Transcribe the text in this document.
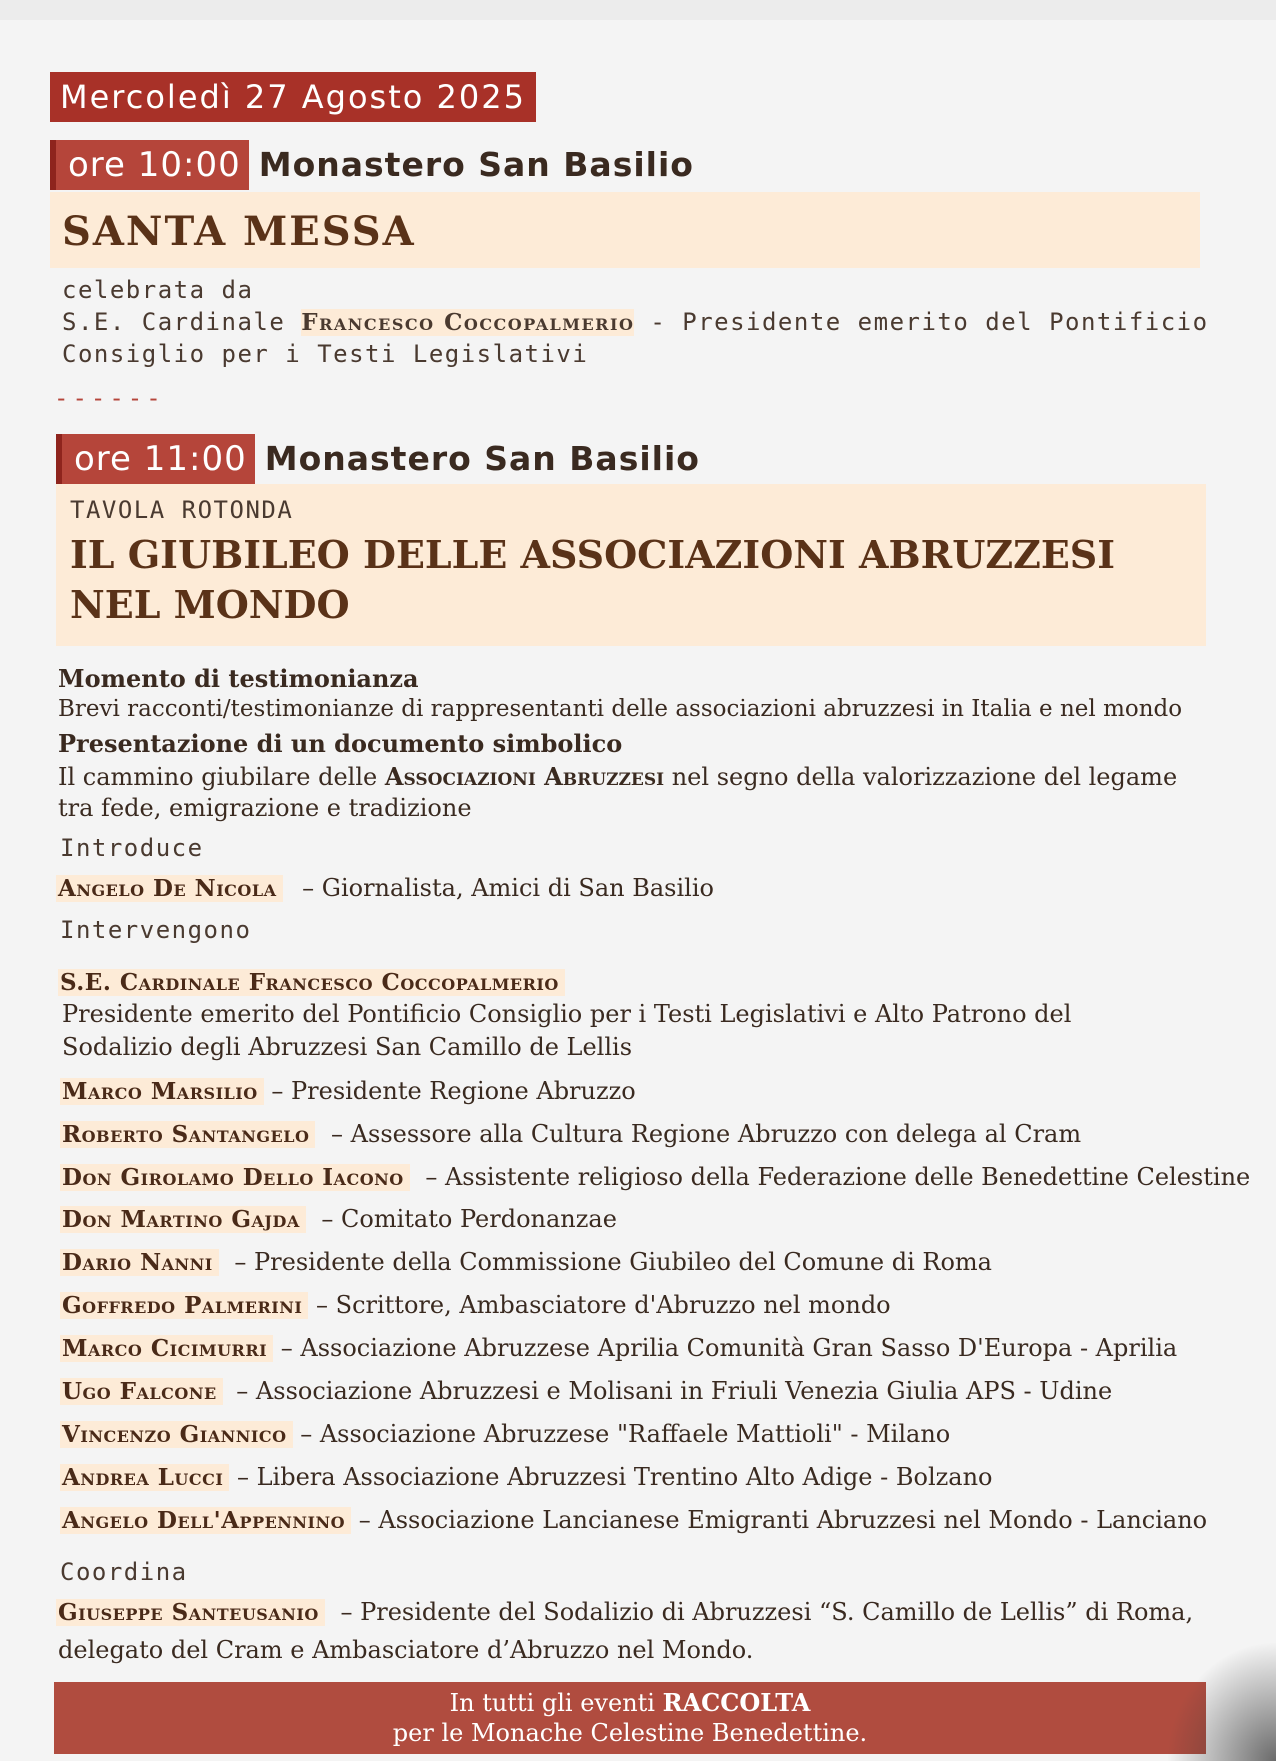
Mercoledì 27 Agosto 2025
ore 10:00 Monastero San Basilio
SANTA MESSA
celebrata da
S.E. Cardinale Francesco Coccopalmerio - Presidente emerito del Pontificio
Consiglio per i Testi Legislativi
------
ore 11:00 Monastero San Basilio
TAVOLA ROTONDA
IL GIUBILEO DELLE ASSOCIAZIONI ABRUZZESI
NEL MONDO
Momento di testimonianza
Brevi racconti/testimonianze di rappresentanti delle associazioni abruzzesi in Italia e nel mondo
Presentazione di un documento simbolico
Il cammino giubilare delle Associazioni Abruzzesi nel segno della valorizzazione del legame
tra fede, emigrazione e tradizione
Introduce
Angelo De Nicola – Giornalista, Amici di San Basilio
Intervengono
S.E. Cardinale Francesco Coccopalmerio
Presidente emerito del Pontificio Consiglio per i Testi Legislativi e Alto Patrono del
Sodalizio degli Abruzzesi San Camillo de Lellis
Marco Marsilio – Presidente Regione Abruzzo
Roberto Santangelo – Assessore alla Cultura Regione Abruzzo con delega al Cram
Don Girolamo Dello Iacono – Assistente religioso della Federazione delle Benedettine Celestine
Don Martino Gajda – Comitato Perdonanzae
Dario Nanni – Presidente della Commissione Giubileo del Comune di Roma
Goffredo Palmerini – Scrittore, Ambasciatore d'Abruzzo nel mondo
Marco Cicimurri – Associazione Abruzzese Aprilia Comunità Gran Sasso D'Europa - Aprilia
Ugo Falcone – Associazione Abruzzesi e Molisani in Friuli Venezia Giulia APS - Udine
Vincenzo Giannico – Associazione Abruzzese "Raffaele Mattioli" - Milano
Andrea Lucci – Libera Associazione Abruzzesi Trentino Alto Adige - Bolzano
Angelo Dell'Appennino – Associazione Lancianese Emigranti Abruzzesi nel Mondo - Lanciano
Coordina
Giuseppe Santeusanio – Presidente del Sodalizio di Abruzzesi “S. Camillo de Lellis” di Roma,
delegato del Cram e Ambasciatore d’Abruzzo nel Mondo.
In tutti gli eventi RACCOLTA
per le Monache Celestine Benedettine.
